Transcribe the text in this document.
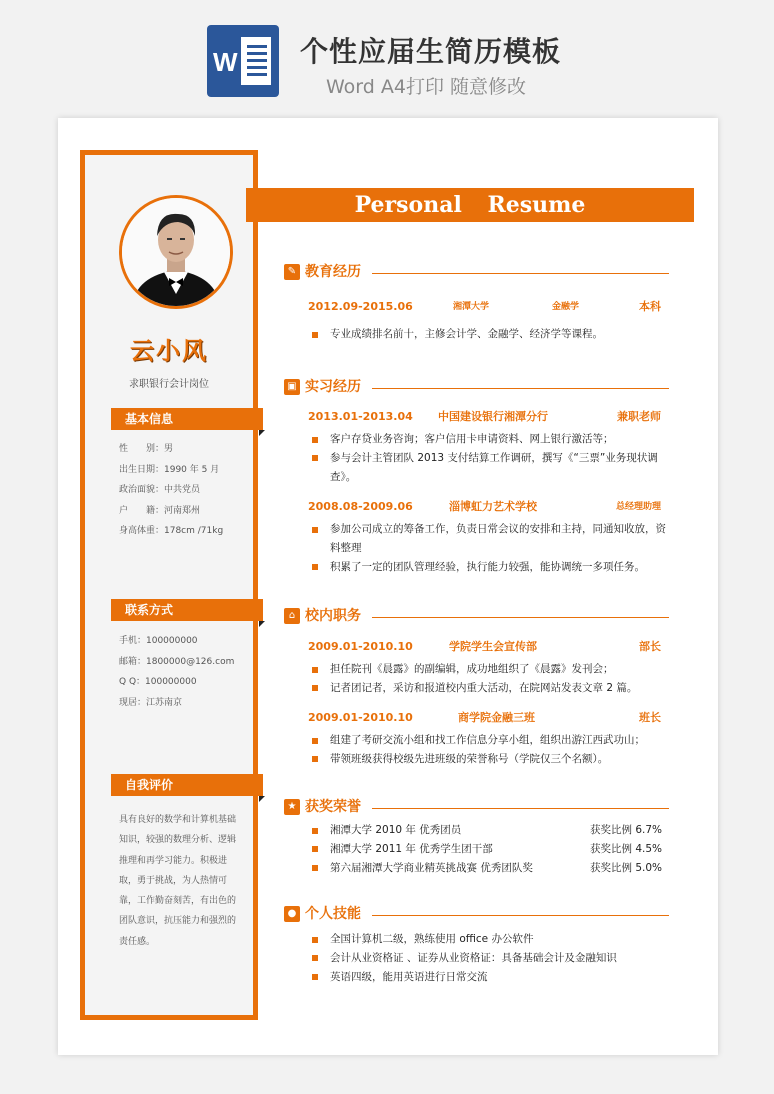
W 个性应届生简历模板
Word A4打印 随意修改
云小风
求职银行会计岗位
基本信息
性　　别：男
出生日期：1990 年 5 月
政治面貌：中共党员
户　　籍：河南郑州
身高体重：178cm /71kg
联系方式
手机：100000000
邮箱：1800000@126.com
Q Q：100000000
现居：江苏南京
自我评价
具有良好的数学和计算机基础知识，较强的数理分析、逻辑推理和再学习能力。积极进取，勇于挑战，为人热情可靠，工作勤奋刻苦，有出色的团队意识，抗压能力和强烈的责任感。
Personal Resume
✎ 教育经历
2012.09-2015.06	湘潭大学	金融学	本科
专业成绩排名前十，主修会计学、金融学、经济学等课程。
▣ 实习经历
2013.01-2013.04 中国建设银行湘潭分行	兼职老师
客户存贷业务咨询；客户信用卡申请资料、网上银行激活等；
参与会计主管团队 2013 支付结算工作调研，撰写《“三票”业务现状调查》。
2008.08-2009.06	淄博虹力艺术学校	总经理助理
参加公司成立的筹备工作，负责日常会议的安排和主持，同通知收放，资料整理
积累了一定的团队管理经验，执行能力较强，能协调统一多项任务。
⌂ 校内职务
2009.01-2010.10	学院学生会宣传部	部长
担任院刊《晨露》的副编辑，成功地组织了《晨露》发刊会；
记者团记者，采访和报道校内重大活动，在院网站发表文章 2 篇。
2009.01-2010.10	商学院金融三班	班长
组建了考研交流小组和找工作信息分享小组，组织出游江西武功山；
带领班级获得校级先进班级的荣誉称号（学院仅三个名额）。
★ 获奖荣誉
湘潭大学 2010 年 优秀团员	获奖比例 6.7%
湘潭大学 2011 年 优秀学生团干部	获奖比例 4.5%
第六届湘潭大学商业精英挑战赛 优秀团队奖	获奖比例 5.0%
● 个人技能
全国计算机二级，熟练使用 office 办公软件
会计从业资格证 、证券从业资格证：具备基础会计及金融知识
英语四级，能用英语进行日常交流
